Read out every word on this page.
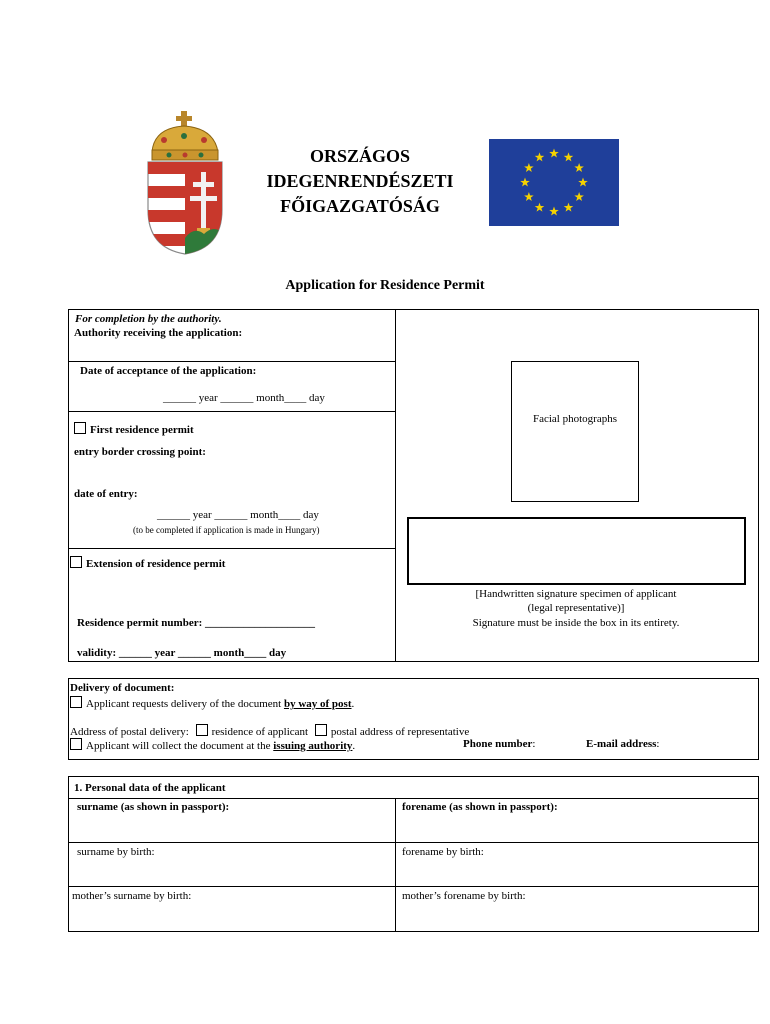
ORSZÁGOS
IDEGENRENDÉSZETI
FŐIGAZGATÓSÁG
Application for Residence Permit
For completion by the authority.
Authority receiving the application:
Date of acceptance of the application:
______ year ______ month____ day
First residence permit
entry border crossing point:
date of entry:
______ year ______ month____ day
(to be completed if application is made in Hungary)
Extension of residence permit
Residence permit number: ____________________
validity: ______ year ______ month____ day
Facial photographs
[Handwritten signature specimen of applicant
(legal representative)]
Signature must be inside the box in its entirety.
Delivery of document:
Applicant requests delivery of the document by way of post.
Address of postal delivery: residence of applicant postal address of representative
Applicant will collect the document at the issuing authority.	Phone number:	E-mail address:
1. Personal data of the applicant
surname (as shown in passport):	forename (as shown in passport):
surname by birth:	forename by birth:
mother’s surname by birth:	mother’s forename by birth:
